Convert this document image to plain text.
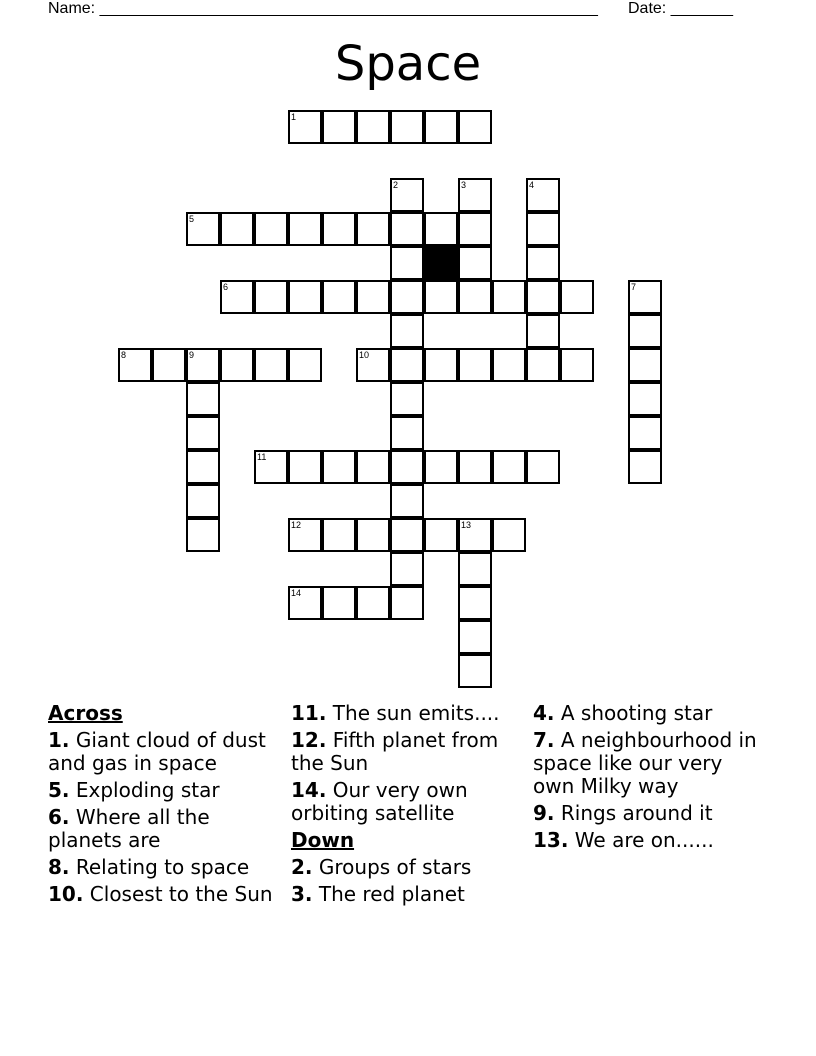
Name: ________________________________________________________ Date: _______
Space
1
5
6
8	9	10
11
12	13
14
2	3	4
7
Across
1. Giant cloud of dust and gas in space
5. Exploding star
6. Where all the planets are
8. Relating to space
10. Closest to the Sun
11. The sun emits....
12. Fifth planet from the Sun
14. Our very own orbiting satellite
Down
2. Groups of stars
3. The red planet
4. A shooting star
7. A neighbourhood in space like our very own Milky way
9. Rings around it
13. We are on......
